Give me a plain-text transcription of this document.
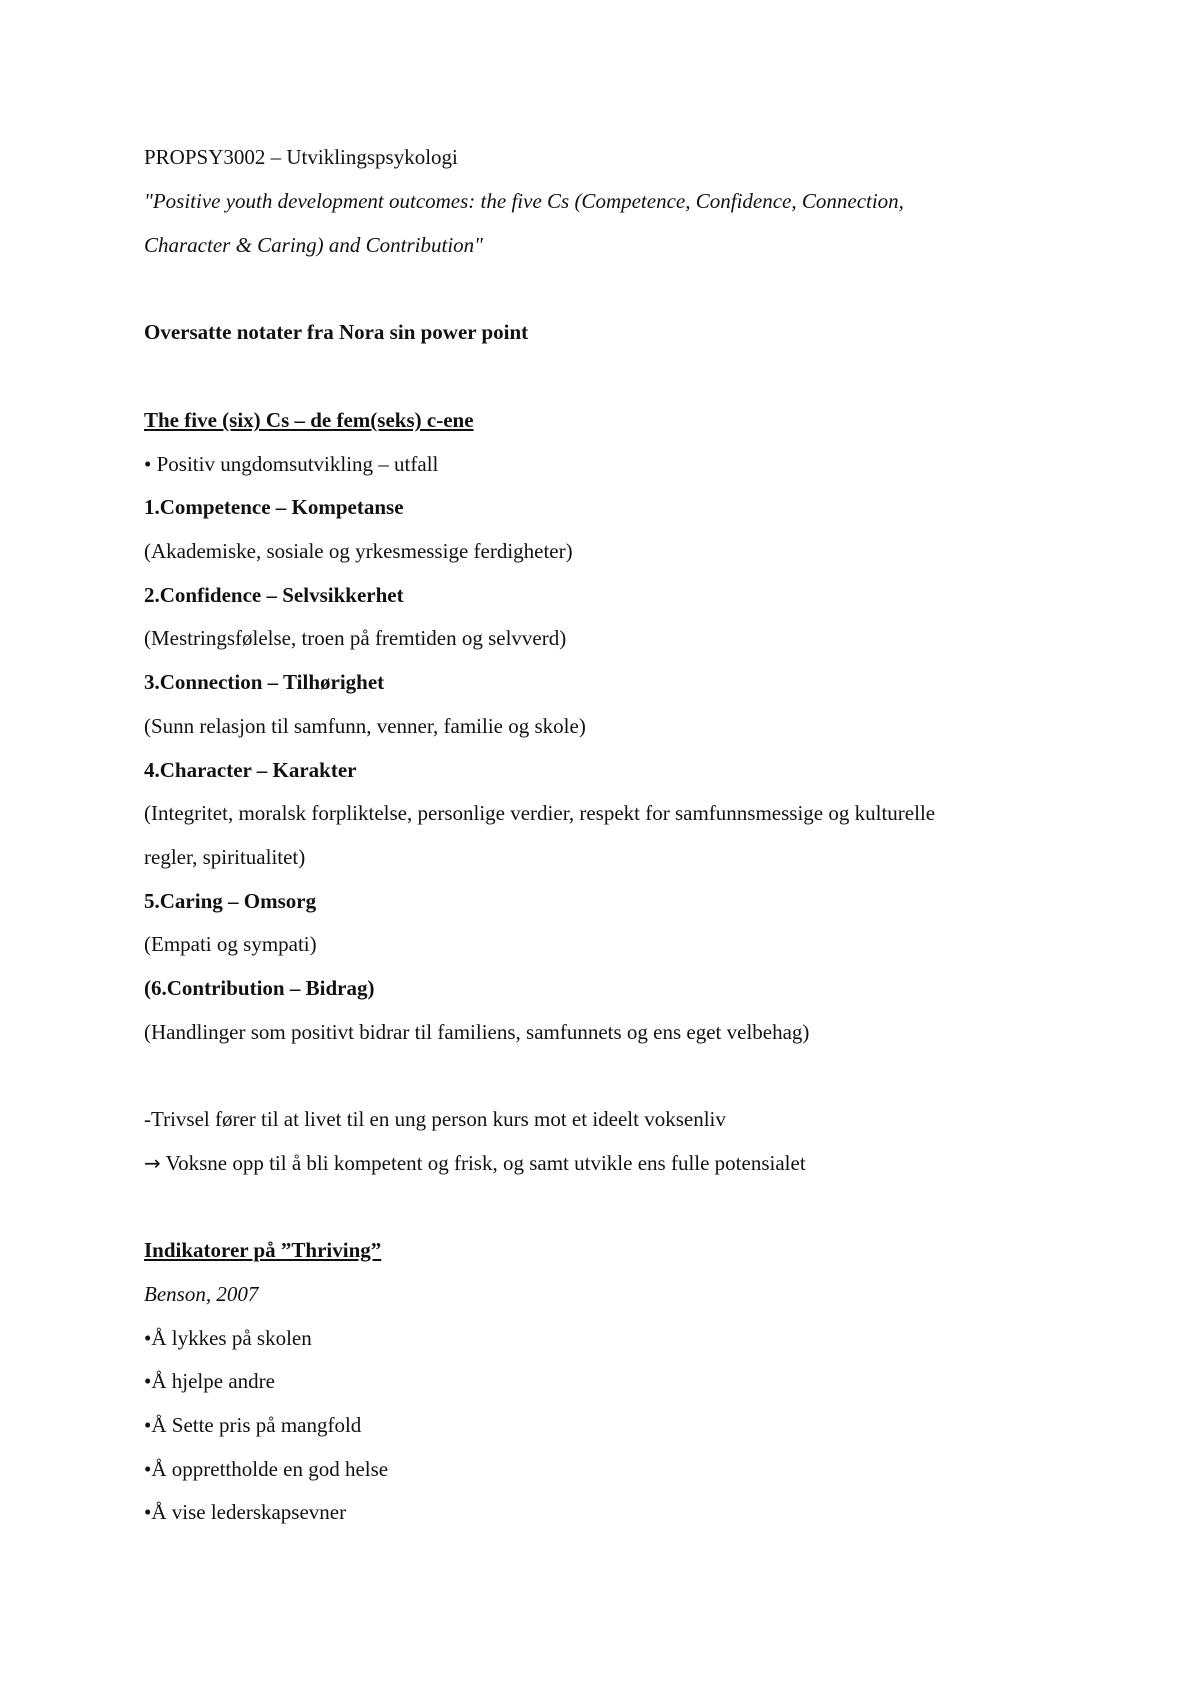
PROPSY3002 – Utviklingspsykologi
"Positive youth development outcomes: the five Cs (Competence, Confidence, Connection,
Character & Caring) and Contribution"
Oversatte notater fra Nora sin power point
The five (six) Cs – de fem(seks) c-ene
• Positiv ungdomsutvikling – utfall
1.Competence – Kompetanse
(Akademiske, sosiale og yrkesmessige ferdigheter)
2.Confidence – Selvsikkerhet
(Mestringsfølelse, troen på fremtiden og selvverd)
3.Connection – Tilhørighet
(Sunn relasjon til samfunn, venner, familie og skole)
4.Character – Karakter
(Integritet, moralsk forpliktelse, personlige verdier, respekt for samfunnsmessige og kulturelle
regler, spiritualitet)
5.Caring – Omsorg
(Empati og sympati)
(6.Contribution – Bidrag)
(Handlinger som positivt bidrar til familiens, samfunnets og ens eget velbehag)
-Trivsel fører til at livet til en ung person kurs mot et ideelt voksenliv
→ Voksne opp til å bli kompetent og frisk, og samt utvikle ens fulle potensialet
Indikatorer på ”Thriving”
Benson, 2007
•Å lykkes på skolen
•Å hjelpe andre
•Å Sette pris på mangfold
•Å opprettholde en god helse
•Å vise lederskapsevner
